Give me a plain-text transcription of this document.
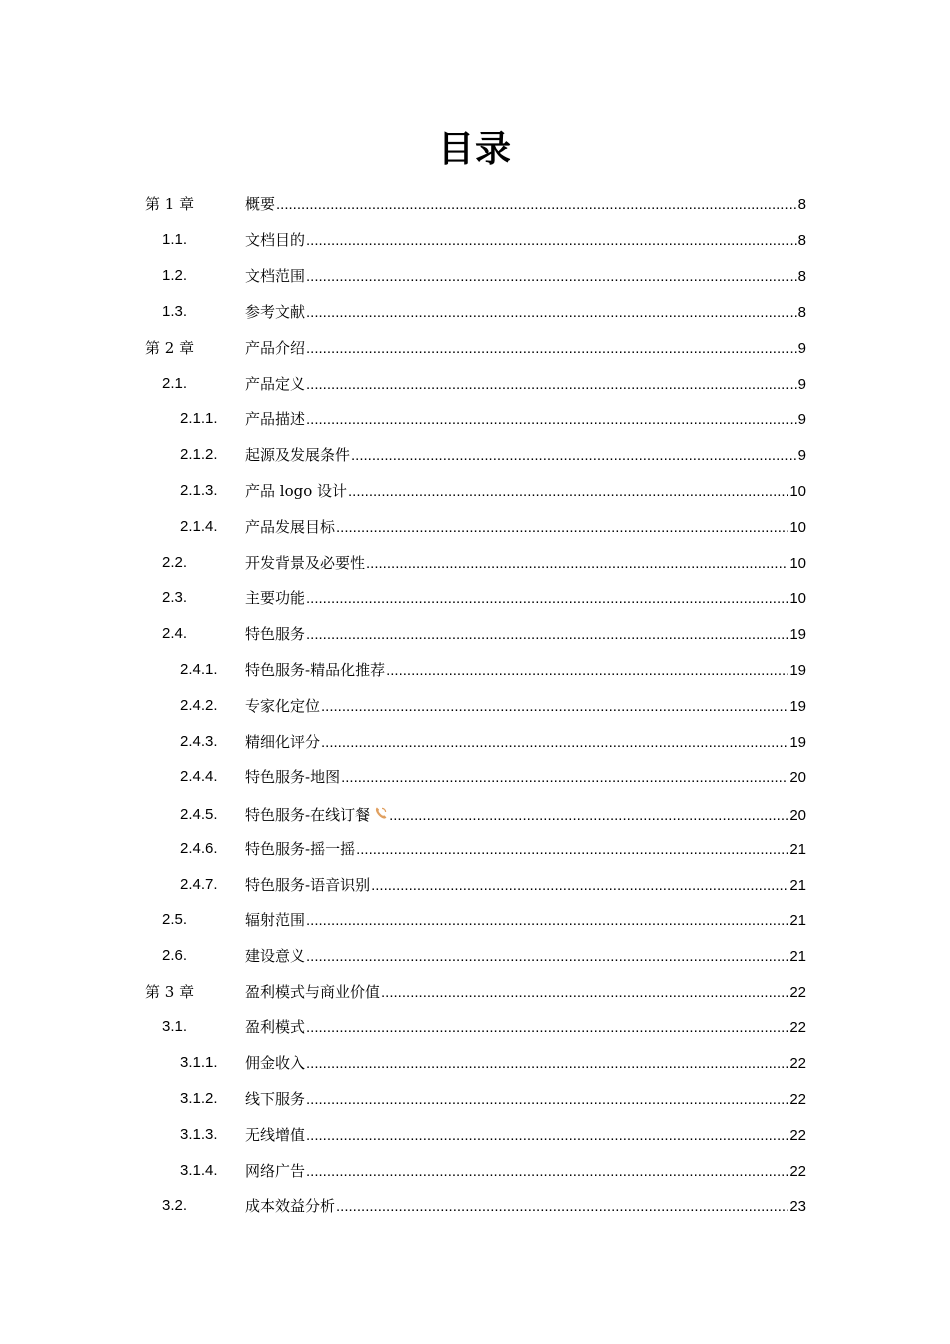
目录
第 1 章	概要 .....	8
1.1.	文档目的 .....	8
1.2.	文档范围 .....	8
1.3.	参考文献 .....	8
第 2 章	产品介绍 .....	9
2.1.	产品定义 .....	9
2.1.1. 产品描述 .....	9
2.1.2. 起源及发展条件 .....	9
2.1.3. 产品 logo 设计 .....	10
2.1.4. 产品发展目标 .....	10
2.2.	开发背景及必要性 .....	10
2.3.	主要功能 .....	10
2.4.	特色服务 .....	19
2.4.1. 特色服务-精品化推荐 .....	19
2.4.2. 专家化定位 .....	19
2.4.3. 精细化评分 .....	19
2.4.4. 特色服务-地图 .....	20
2.4.5. 特色服务-在线订餐 .....	20
2.4.6. 特色服务-摇一摇 .....	21
2.4.7. 特色服务-语音识别 .....	21
2.5.	辐射范围 .....	21
2.6.	建设意义 .....	21
第 3 章	盈利模式与商业价值 .....	22
3.1.	盈利模式 .....	22
3.1.1. 佣金收入 .....	22
3.1.2. 线下服务 .....	22
3.1.3. 无线增值 .....	22
3.1.4. 网络广告 .....	22
3.2.	成本效益分析 .....	23
